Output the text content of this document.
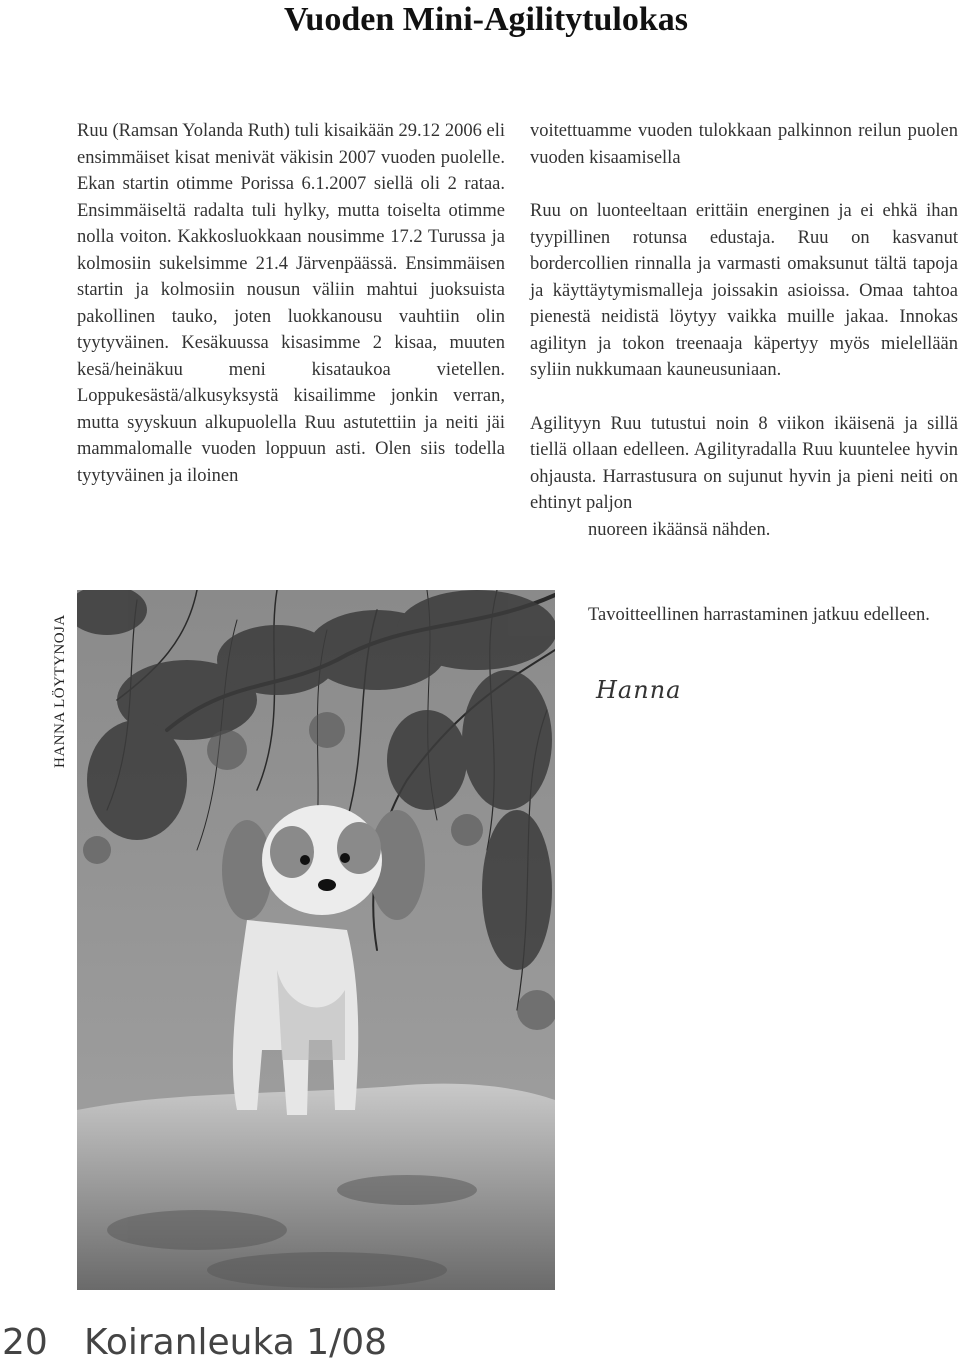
Vuoden Mini-Agilitytulokas
Ruu (Ramsan Yolanda Ruth) tuli kisaikään 29.12 2006 eli ensimmäiset kisat menivät väkisin 2007 vuoden puolelle. Ekan startin otimme Porissa 6.1.2007 siellä oli 2 rataa. Ensimmäiseltä radalta tuli hylky, mutta toiselta otimme nolla voiton. Kakkosluokkaan nousimme 17.2 Turussa ja kolmosiin sukelsimme 21.4 Järvenpäässä. Ensimmäisen startin ja kolmosiin nousun väliin mahtui juoksuista pakollinen tauko, joten luokkanousu vauhtiin olin tyytyväinen. Kesäkuussa kisasimme 2 kisaa, muuten kesä/heinäkuu meni kisataukoa vietellen. Loppukesästä/alkusyksystä kisailimme jonkin verran, mutta syyskuun alkupuolella Ruu astutettiin ja neiti jäi mammalomalle vuoden loppuun asti. Olen siis todella tyytyväinen ja iloinen

voitettuamme vuoden tulokkaan palkinnon reilun puolen vuoden kisaamisella

Ruu on luonteeltaan erittäin energinen ja ei ehkä ihan tyypillinen rotunsa edustaja. Ruu on kasvanut bordercollien rinnalla ja varmasti omaksunut tältä tapoja ja käyttäytymismalleja joissakin asioissa. Omaa tahtoa pienestä neidistä löytyy vaikka muille jakaa. Innokas agilityn ja tokon treenaaja käpertyy myös mielellään syliin nukkumaan kauneusuniaan.

Agilityyn Ruu tutustui noin 8 viikon ikäisenä ja sillä tiellä ollaan edelleen. Agilityradalla Ruu kuuntelee hyvin ohjausta. Harrastusura on sujunut hyvin ja pieni neiti on ehtinyt paljon

nuoreen ikäänsä nähden.
Tavoitteellinen harrastaminen jatkuu edelleen.
Hanna
HANNA LÖYTYNOJA
20 Koiranleuka 1/08
